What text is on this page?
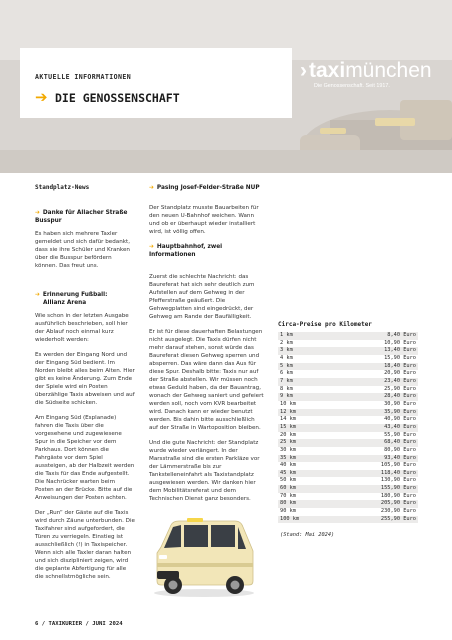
AKTUELLE INFORMATIONEN
➔ DIE GENOSSENSCHAFT
›taximünchen
Die Genossenschaft. Seit 1917.
Standplatz-News
➔ Danke für Allacher Straße Busspur

Es haben sich mehrere Taxler gemeldet und sich dafür bedankt, dass sie ihre Schüler und Kranken über die Busspur befördern können. Das freut uns.

➔ Erinnerung Fußball:
Allianz Arena

Wie schon in der letzten Ausgabe ausführlich beschrieben, soll hier der Ablauf noch einmal kurz wiederholt werden:

Es werden der Eingang Nord und der Eingang Süd bedient. Im Norden bleibt alles beim Alten. Hier gibt es keine Änderung. Zum Ende der Spiele wird ein Posten überzählige Taxis abweisen und auf die Südseite schicken.

Am Eingang Süd (Esplanade) fahren die Taxis über die vorgesehene und zugewiesene Spur in die Speicher vor dem Parkhaus. Dort können die Fahrgäste vor dem Spiel aussteigen, ab der Halbzeit werden die Taxis für das Ende aufgestellt. Die Nachrücker warten beim Posten an der Brücke. Bitte auf die Anweisungen der Posten achten.

Der „Run“ der Gäste auf die Taxis wird durch Zäune unterbunden. Die Taxifahrer sind aufgefordert, die Türen zu verriegeln. Einstieg ist ausschließlich (!) in Taxispeicher. Wenn sich alle Taxler daran halten und sich diszipliniert zeigen, wird die geplante Abfertigung für alle die schnellstmögliche sein.

➔ Pasing Josef-Felder-Straße NUP

Der Standplatz musste Bauarbeiten für den neuen U-Bahnhof weichen. Wann und ob er überhaupt wieder installiert wird, ist völlig offen.

➔ Hauptbahnhof, zwei Informationen

Zuerst die schlechte Nachricht: das Baureferat hat sich sehr deutlich zum Aufstellen auf dem Gehweg in der Pfefferstraße geäußert. Die Gehwegplatten sind eingedrückt, der Gehweg am Rande der Baufälligkeit.

Er ist für diese dauerhaften Belastungen nicht ausgelegt. Die Taxis dürfen nicht mehr darauf stehen, sonst würde das Baureferat diesen Gehweg sperren und absperren. Das wäre dann das Aus für diese Spur. Deshalb bitte: Taxis nur auf der Straße abstellen. Wir müssen noch etwas Geduld haben, da der Bauantrag, wonach der Gehweg saniert und gefeiert werden soll, noch vom KVR bearbeitet wird. Danach kann er wieder benutzt werden. Bis dahin bitte ausschließlich auf der Straße in Wartoposition bleiben.

Und die gute Nachricht: der Standplatz wurde wieder verlängert. In der Marsstraße sind die ersten Parkläze vor der Lämmerstraße bis zur Tankstelleneinfahrt als Taxistandplatz ausgewiesen werden. Wir danken hier dem Mobilitätsreferat und dem Technischen Dienst ganz besonders.

Circa-Preise pro Kilometer
1 km	8,40 Euro
2 km	10,90 Euro
3 km	13,40 Euro
4 km	15,90 Euro
5 km	18,40 Euro
6 km	20,90 Euro
7 km	23,40 Euro
8 km	25,90 Euro
9 km	28,40 Euro
10 km	30,90 Euro
12 km	35,90 Euro
14 km	40,90 Euro
15 km	43,40 Euro
20 km	55,90 Euro
25 km	68,40 Euro
30 km	80,90 Euro
35 km	93,40 Euro
40 km	105,90 Euro
45 km	118,40 Euro
50 km	130,90 Euro
60 km	155,90 Euro
70 km	180,90 Euro
80 km	205,90 Euro
90 km	230,90 Euro
100 km	255,90 Euro
(Stand: Mai 2024)
6 / TAXIKURIER / JUNI 2024
